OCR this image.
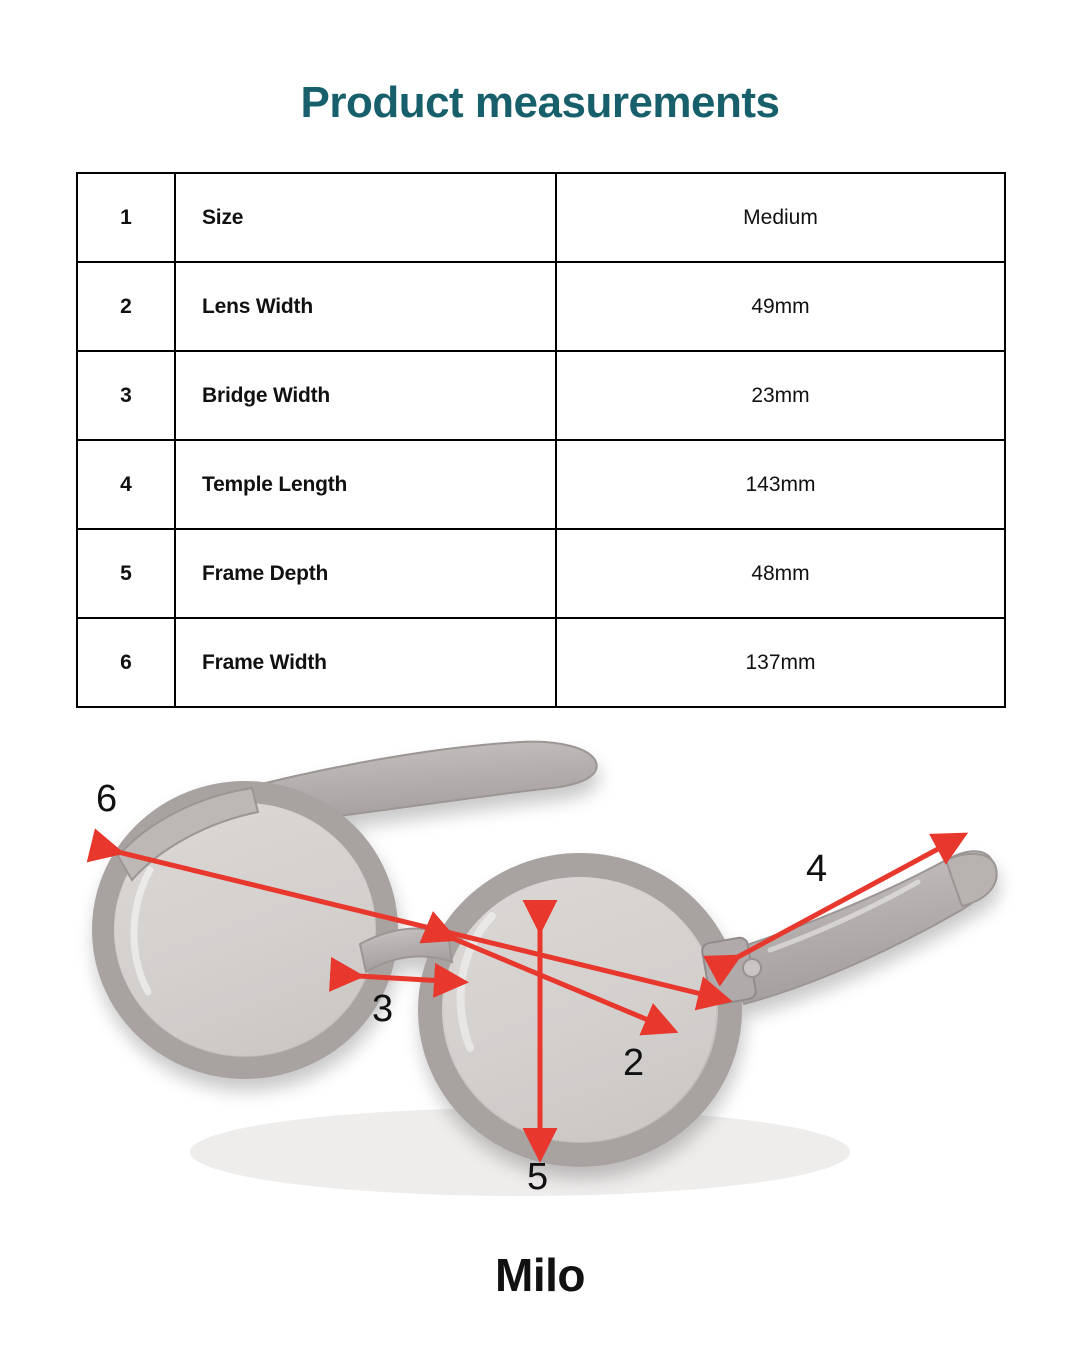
Product measurements
1	Size	Medium
2	Lens Width	49mm
3	Bridge Width	23mm
4	Temple Length	143mm
5	Frame Depth	48mm
6	Frame Width	137mm
6
4
3
2
5
Milo
